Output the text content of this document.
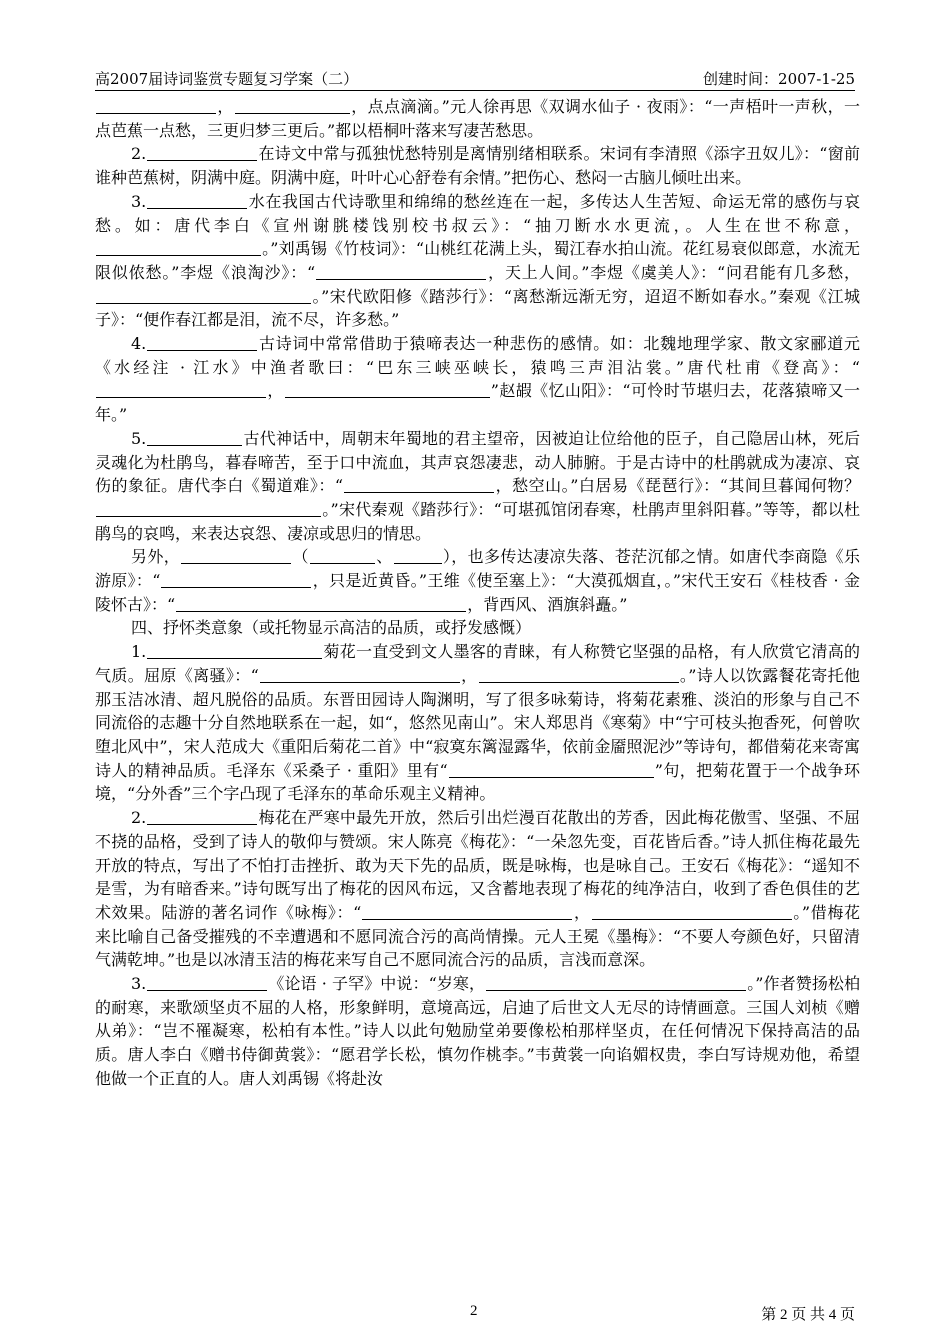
高2007届诗词鉴赏专题复习学案（二）	创建时间：2007-1-25

，	，点点滴滴。”元人徐再思《双调水仙子 · 夜雨》：“一声梧叶一声秋，一点芭蕉一点愁，三更归梦三更后。”都以梧桐叶落来写凄苦愁思。

2.	在诗文中常与孤独忧愁特别是离情别绪相联系。宋词有李清照《添字丑奴儿》：“窗前谁种芭蕉树，阴满中庭。阴满中庭，叶叶心心舒卷有余情。”把伤心、愁闷一古脑儿倾吐出来。

3.	水在我国古代诗歌里和绵绵的愁丝连在一起，多传达人生苦短、命运无常的感伤与哀愁。如：唐代李白《宣州谢朓楼饯别校书叔云》：“抽刀断水水更流，。人生在世不称意，。”刘禹锡《竹枝词》：“山桃红花满上头，蜀江春水拍山流。花红易衰似郎意，水流无限似侬愁。”李煜《浪淘沙》：“	，天上人间。”李煜《虞美人》：“问君能有几多愁，。”宋代欧阳修《踏莎行》：“离愁渐远渐无穷，迢迢不断如春水。”秦观《江城子》：“便作春江都是泪，流不尽，许多愁。”

4.	古诗词中常常借助于猿啼表达一种悲伤的感情。如：北魏地理学家、散文家郦道元《水经注 · 江水》中渔者歌曰：“巴东三峡巫峡长，猿鸣三声泪沾裳。”唐代杜甫《登高》：“，	”赵嘏《忆山阳》：“可怜时节堪归去，花落猿啼又一年。”

5.	古代神话中，周朝末年蜀地的君主望帝，因被迫让位给他的臣子，自己隐居山林，死后灵魂化为杜鹃鸟，暮春啼苦，至于口中流血，其声哀怨凄悲，动人肺腑。于是古诗中的杜鹃就成为凄凉、哀伤的象征。唐代李白《蜀道难》：“	，愁空山。”白居易《琵琶行》：“其间旦暮闻何物？。”宋代秦观《踏莎行》：“可堪孤馆闭春寒，杜鹃声里斜阳暮。”等等，都以杜鹃鸟的哀鸣，来表达哀怨、凄凉或思归的情思。

另外，	（	、	），也多传达凄凉失落、苍茫沉郁之情。如唐代李商隐《乐游原》：“	，只是近黄昏。”王维《使至塞上》：“大漠孤烟直，。”宋代王安石《桂枝香 · 金陵怀古》：“	，背西风、酒旗斜矗。”

四、抒怀类意象（或托物显示高洁的品质，或抒发感慨）

1.	菊花一直受到文人墨客的青睐，有人称赞它坚强的品格，有人欣赏它清高的气质。屈原《离骚》：“	，	。”诗人以饮露餐花寄托他那玉洁冰清、超凡脱俗的品质。东晋田园诗人陶渊明，写了很多咏菊诗，将菊花素雅、淡泊的形象与自己不同流俗的志趣十分自然地联系在一起，如“，悠然见南山”。宋人郑思肖《寒菊》中“宁可枝头抱香死，何曾吹堕北风中”，宋人范成大《重阳后菊花二首》中“寂寞东篱湿露华，依前金靥照泥沙”等诗句，都借菊花来寄寓诗人的精神品质。毛泽东《采桑子 · 重阳》里有“	”句，把菊花置于一个战争环境，“分外香”三个字凸现了毛泽东的革命乐观主义精神。

2.	梅花在严寒中最先开放，然后引出烂漫百花散出的芳香，因此梅花傲雪、坚强、不屈不挠的品格，受到了诗人的敬仰与赞颂。宋人陈亮《梅花》：“一朵忽先变，百花皆后香。”诗人抓住梅花最先开放的特点，写出了不怕打击挫折、敢为天下先的品质，既是咏梅，也是咏自己。王安石《梅花》：“遥知不是雪，为有暗香来。”诗句既写出了梅花的因风布远，又含蓄地表现了梅花的纯净洁白，收到了香色俱佳的艺术效果。陆游的著名词作《咏梅》：“	，	。”借梅花来比喻自己备受摧残的不幸遭遇和不愿同流合污的高尚情操。元人王冕《墨梅》：“不要人夸颜色好，只留清气满乾坤。”也是以冰清玉洁的梅花来写自己不愿同流合污的品质，言浅而意深。

3.	《论语 · 子罕》中说：“岁寒，	。”作者赞扬松柏的耐寒，来歌颂坚贞不屈的人格，形象鲜明，意境高远，启迪了后世文人无尽的诗情画意。三国人刘桢《赠从弟》：“岂不罹凝寒，松柏有本性。”诗人以此句勉励堂弟要像松柏那样坚贞，在任何情况下保持高洁的品质。唐人李白《赠书侍御黄裳》：“愿君学长松，慎勿作桃李。”韦黄裳一向谄媚权贵，李白写诗规劝他，希望他做一个正直的人。唐人刘禹锡《将赴汝

2	第 2 页 共 4 页
